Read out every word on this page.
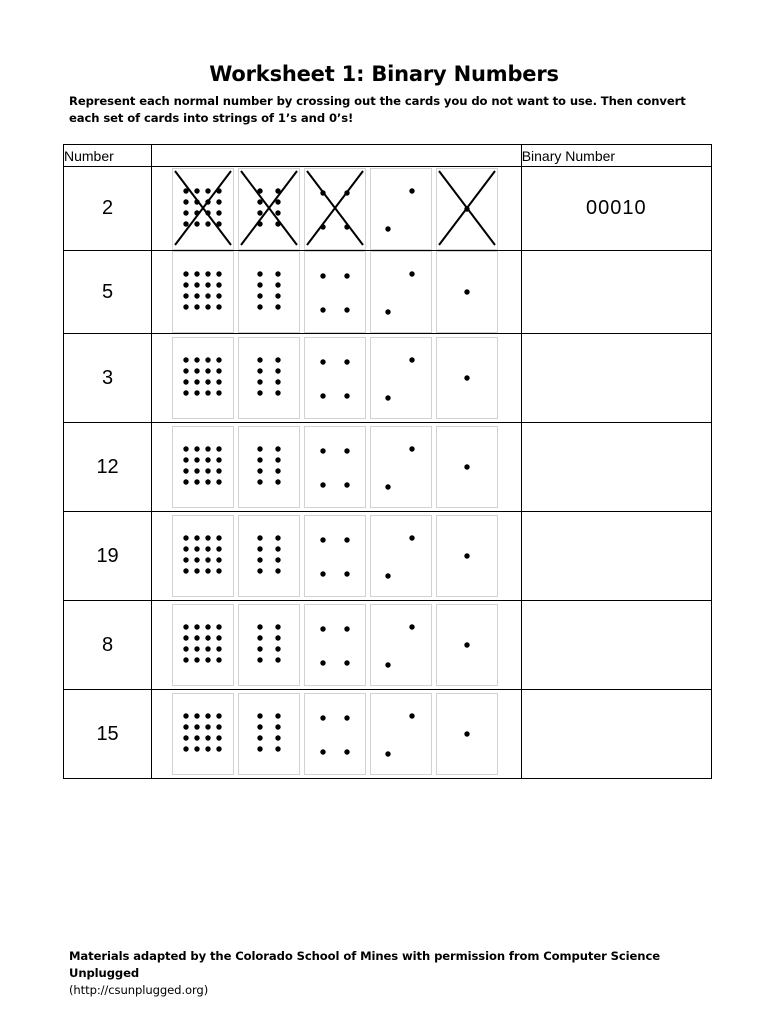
Worksheet 1: Binary Numbers
Represent each normal number by crossing out the cards you do not want to use. Then convert each set of cards into strings of 1’s and 0’s!
Number		Binary Number
2		00010
5	

3	

12	

19	

8	

15	

Materials adapted by the Colorado School of Mines with permission from Computer Science Unplugged
(http://csunplugged.org)
